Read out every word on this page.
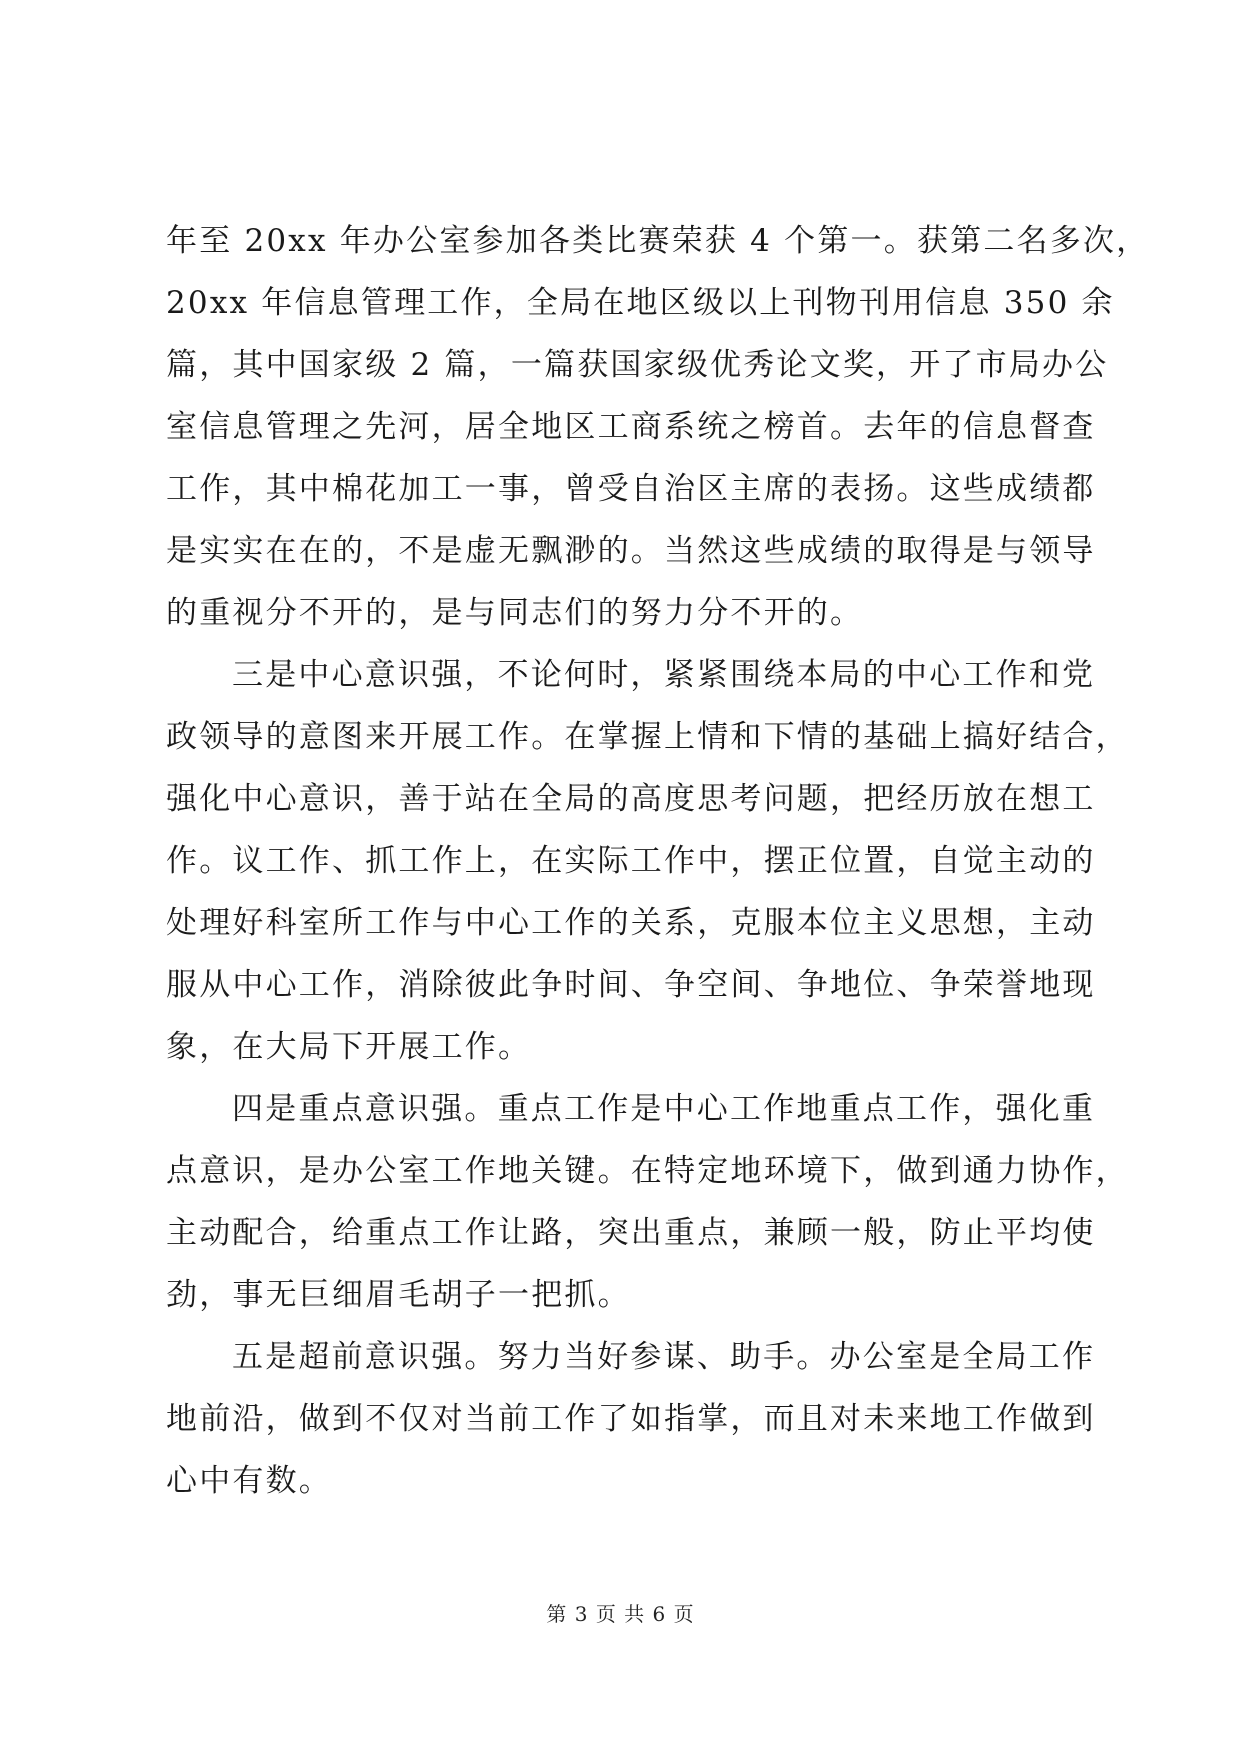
年至 20xx 年办公室参加各类比赛荣获 4 个第一。获第二名多次，
20xx 年信息管理工作，全局在地区级以上刊物刊用信息 350 余
篇，其中国家级 2 篇，一篇获国家级优秀论文奖，开了市局办公
室信息管理之先河，居全地区工商系统之榜首。去年的信息督查
工作，其中棉花加工一事，曾受自治区主席的表扬。这些成绩都
是实实在在的，不是虚无飘渺的。当然这些成绩的取得是与领导
的重视分不开的，是与同志们的努力分不开的。
三是中心意识强，不论何时，紧紧围绕本局的中心工作和党
政领导的意图来开展工作。在掌握上情和下情的基础上搞好结合，
强化中心意识，善于站在全局的高度思考问题，把经历放在想工
作。议工作、抓工作上，在实际工作中，摆正位置，自觉主动的
处理好科室所工作与中心工作的关系，克服本位主义思想，主动
服从中心工作，消除彼此争时间、争空间、争地位、争荣誉地现
象，在大局下开展工作。
四是重点意识强。重点工作是中心工作地重点工作，强化重
点意识，是办公室工作地关键。在特定地环境下，做到通力协作，
主动配合，给重点工作让路，突出重点，兼顾一般，防止平均使
劲，事无巨细眉毛胡子一把抓。
五是超前意识强。努力当好参谋、助手。办公室是全局工作
地前沿，做到不仅对当前工作了如指掌，而且对未来地工作做到
心中有数。
第 3 页 共 6 页
